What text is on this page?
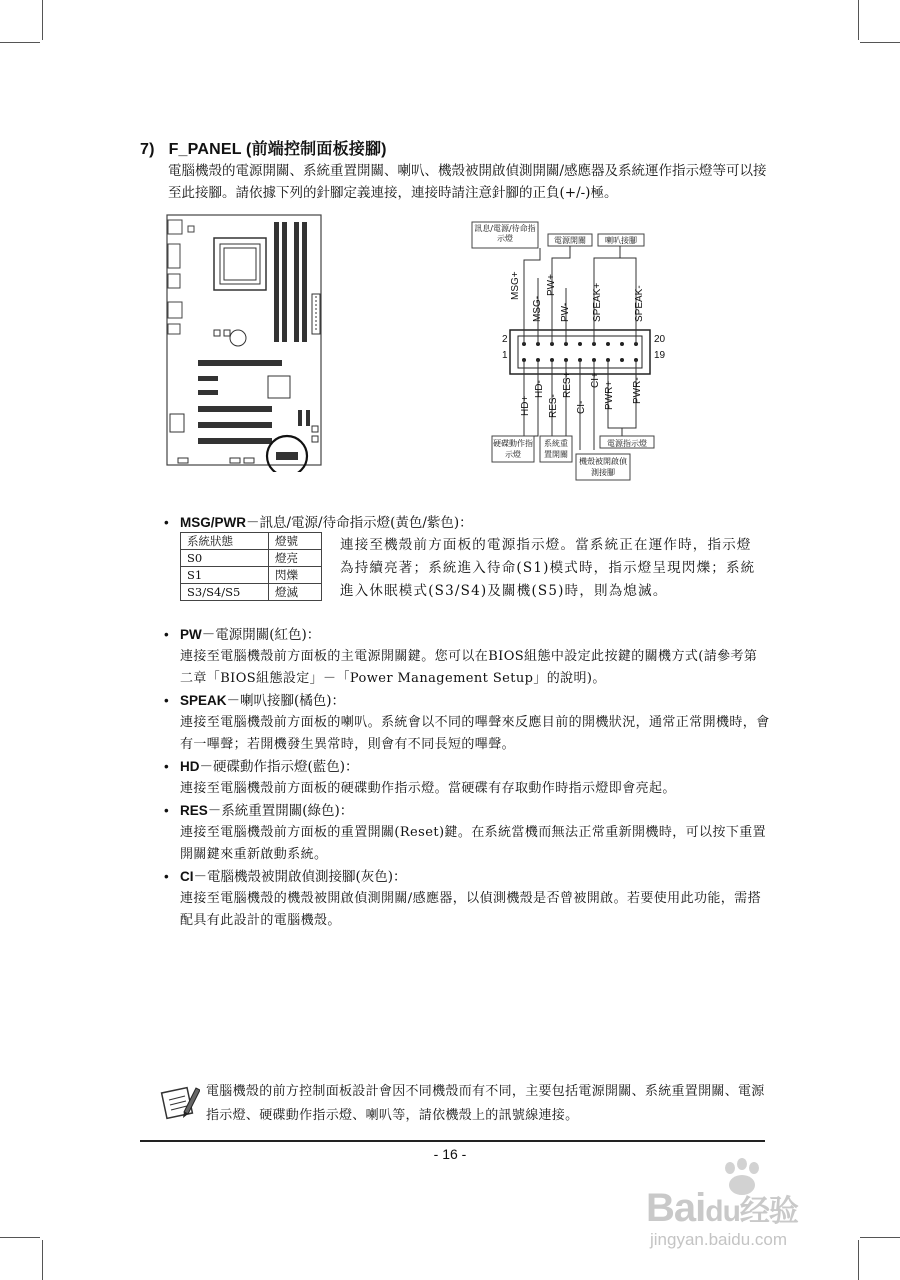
7) F_PANEL (前端控制面板接腳)
電腦機殼的電源開關、系統重置開關、喇叭、機殼被開啟偵測開關/感應器及系統運作指示燈等可以接至此接腳。請依據下列的針腳定義連接，連接時請注意針腳的正負(+/-)極。
訊息/電源/待命指示燈	電源開關	喇叭接腳
MSG+
MSG-
PW+
PW- SPEAK+	SPEAK-
2
1
20
19
HD+
HD-
RES-
RES+
CI-
CI+
PWR+ PWR-
硬碟動作指示燈
系統重置開關
機殼被開啟偵測接腳
電源指示燈
• MSG/PWR－訊息/電源/待命指示燈(黃色/紫色)：
系統狀態	燈號
S0	燈亮
S1	閃爍
S3/S4/S5	燈滅
連接至機殼前方面板的電源指示燈。當系統正在運作時，指示燈為持續亮著；系統進入待命(S1)模式時，指示燈呈現閃爍；系統進入休眠模式(S3/S4)及關機(S5)時，則為熄滅。
• PW－電源開關(紅色)：
連接至電腦機殼前方面板的主電源開關鍵。您可以在BIOS組態中設定此按鍵的關機方式(請參考第二章「BIOS組態設定」－「Power Management Setup」的說明)。
• SPEAK－喇叭接腳(橘色)：
連接至電腦機殼前方面板的喇叭。系統會以不同的嗶聲來反應目前的開機狀況，通常正常開機時，會有一嗶聲；若開機發生異常時，則會有不同長短的嗶聲。
• HD－硬碟動作指示燈(藍色)：
連接至電腦機殼前方面板的硬碟動作指示燈。當硬碟有存取動作時指示燈即會亮起。
• RES－系統重置開關(綠色)：
連接至電腦機殼前方面板的重置開關(Reset)鍵。在系統當機而無法正常重新開機時，可以按下重置開關鍵來重新啟動系統。
• CI－電腦機殼被開啟偵測接腳(灰色)：
連接至電腦機殼的機殼被開啟偵測開關/感應器，以偵測機殼是否曾被開啟。若要使用此功能，需搭配具有此設計的電腦機殼。
電腦機殼的前方控制面板設計會因不同機殼而有不同，主要包括電源開關、系統重置開關、電源指示燈、硬碟動作指示燈、喇叭等，請依機殼上的訊號線連接。
- 16 -
Baidu经验
jingyan.baidu.com
